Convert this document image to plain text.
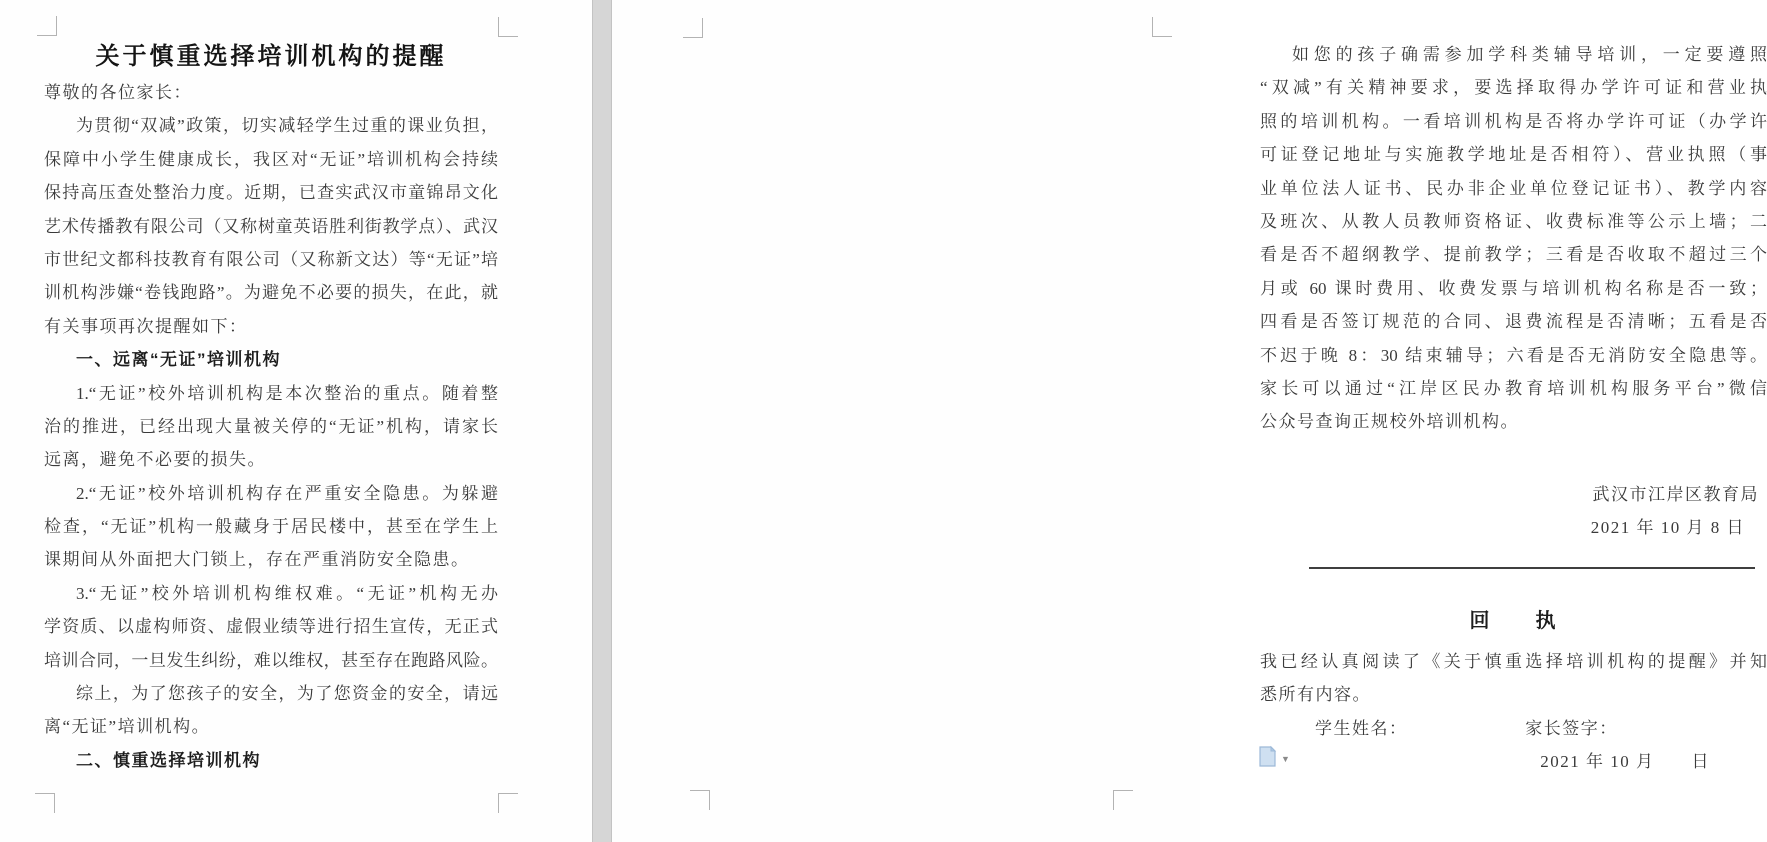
关于慎重选择培训机构的提醒
尊敬的各位家长：
为贯彻“双减”政策，切实减轻学生过重的课业负担，
保障中小学生健康成长，我区对“无证”培训机构会持续
保持高压查处整治力度。近期，已查实武汉市童锦昂文化
艺术传播教有限公司（又称树童英语胜利街教学点）、武汉
市世纪文都科技教育有限公司（又称新文达）等“无证”培
训机构涉嫌“卷钱跑路”。为避免不必要的损失，在此，就
有关事项再次提醒如下：
一、远离“无证”培训机构
1.“无证”校外培训机构是本次整治的重点。随着整
治的推进，已经出现大量被关停的“无证”机构，请家长
远离，避免不必要的损失。
2.“无证”校外培训机构存在严重安全隐患。为躲避
检查，“无证”机构一般藏身于居民楼中，甚至在学生上
课期间从外面把大门锁上，存在严重消防安全隐患。
3.“无证”校外培训机构维权难。“无证”机构无办
学资质、以虚构师资、虚假业绩等进行招生宣传，无正式
培训合同，一旦发生纠纷，难以维权，甚至存在跑路风险。
综上，为了您孩子的安全，为了您资金的安全，请远
离“无证”培训机构。
二、慎重选择培训机构
如您的孩子确需参加学科类辅导培训，一定要遵照
“双减”有关精神要求，要选择取得办学许可证和营业执
照的培训机构。一看培训机构是否将办学许可证（办学许
可证登记地址与实施教学地址是否相符）、营业执照（事
业单位法人证书、民办非企业单位登记证书）、教学内容
及班次、从教人员教师资格证、收费标准等公示上墙；二
看是否不超纲教学、提前教学；三看是否收取不超过三个
月或 60 课时费用、收费发票与培训机构名称是否一致；
四看是否签订规范的合同、退费流程是否清晰；五看是否
不迟于晚 8：30 结束辅导；六看是否无消防安全隐患等。
家长可以通过“江岸区民办教育培训机构服务平台”微信
公众号查询正规校外培训机构。
武汉市江岸区教育局
2021 年 10 月 8 日
回　　执
我已经认真阅读了《关于慎重选择培训机构的提醒》并知
悉所有内容。
学生姓名：	家长签字：
2021 年 10 月　　日
▼
